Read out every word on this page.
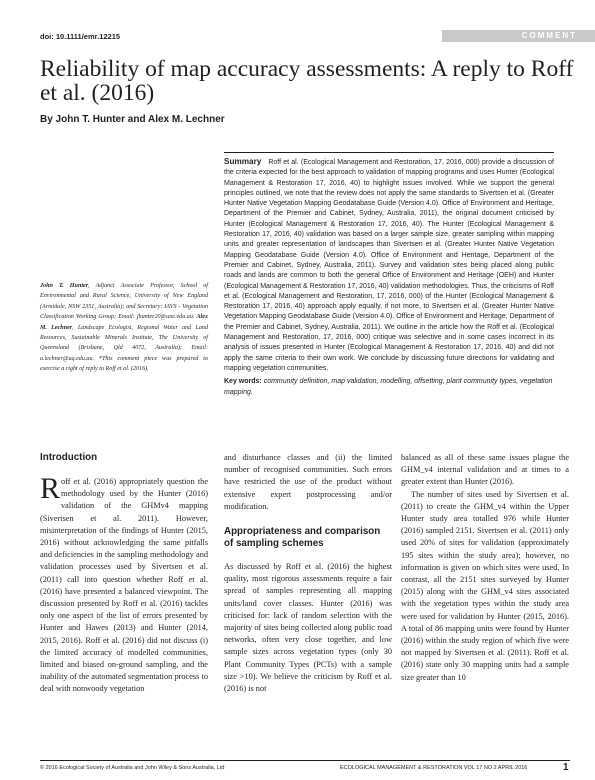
doi: 10.1111/emr.12215	COMMENT
Reliability of map accuracy assessments: A reply to Roff et al. (2016)
By John T. Hunter and Alex M. Lechner

Summary Roff et al. (Ecological Management and Restoration, 17, 2016, 000) provide a discussion of the criteria expected for the best approach to validation of mapping programs and uses Hunter (Ecological Management & Restoration 17, 2016, 40) to highlight issues involved. While we support the general principles outlined, we note that the review does not apply the same standards to Sivertsen et al. (Greater Hunter Native Vegetation Mapping Geodatabase Guide (Version 4.0). Office of Environment and Heritage, Department of the Premier and Cabinet, Sydney, Australia, 2011), the original document criticised by Hunter (Ecological Management & Restoration 17, 2016, 40). The Hunter (Ecological Management & Restoration 17, 2016, 40) validation was based on a larger sample size, greater sampling within mapping units and greater representation of landscapes than Sivertsen et al. (Greater Hunter Native Vegetation Mapping Geodatabase Guide (Version 4.0). Office of Environment and Heritage, Department of the Premier and Cabinet, Sydney, Australia, 2011). Survey and validation sites being placed along public roads and lands are common to both the general Office of Environment and Heritage (OEH) and Hunter (Ecological Management & Restoration 17, 2016, 40) validation methodologies. Thus, the criticisms of Roff et al. (Ecological Management and Restoration, 17, 2016, 000) of the Hunter (Ecological Management & Restoration 17, 2016, 40) approach apply equally, if not more, to Sivertsen et al. (Greater Hunter Native Vegetation Mapping Geodatabase Guide (Version 4.0). Office of Environment and Heritage, Department of the Premier and Cabinet, Sydney, Australia, 2011). We outline in the article how the Roff et al. (Ecological Management and Restoration, 17, 2016, 000) critique was selective and in some cases incorrect in its analysis of issues presented in Hunter (Ecological Management & Restoration 17, 2016, 40) and did not apply the same criteria to their own work. We conclude by discussing future directions for validating and mapping vegetation communities.

Key words: community definition, map validation, modelling, offsetting, plant community types, vegetation mapping.

John T. Hunter, Adjunct Associate Professor, School of Environmental and Rural Science, University of New England (Armidale, NSW 2351, Australia); and Secretary: IAVS - Vegetation Classification Working Group; Email: jhunter20@une.edu.au. Alex M. Lechner, Landscape Ecologist, Regional Water and Land Resources, Sustainable Minerals Institute, The University of Queensland (Brisbane, Qld 4072, Australia); Email: a.lechner@uq.edu.au. *This comment piece was prepared to exercise a right of reply to Roff et al. (2016).

Introduction

Roff et al. (2016) appropriately question the methodology used by the Hunter (2016) validation of the GHMv4 mapping (Sivertsen et al. 2011). However, misinterpretation of the findings of Hunter (2015, 2016) without acknowledging the same pitfalls and deficiencies in the sampling methodology and validation processes used by Sivertsen et al. (2011) call into question whether Roff et al. (2016) have presented a balanced viewpoint. The discussion presented by Roff et al. (2016) tackles only one aspect of the list of errors presented by Hunter and Hawes (2013) and Hunter (2014, 2015, 2016). Roff et al. (2016) did not discuss (i) the limited accuracy of modelled communities, limited and biased on-ground sampling, and the inability of the automated segmentation process to deal with nonwoody vegetation

and disturbance classes and (ii) the limited number of recognised communities. Such errors have restricted the use of the product without extensive expert postprocessing and/or modification.

Appropriateness and comparison of sampling schemes

As discussed by Roff et al. (2016) the highest quality, most rigorous assessments require a fair spread of samples representing all mapping units/land cover classes. Hunter (2016) was criticised for: lack of random selection with the majority of sites being collected along public road networks, often very close together, and low sample sizes across vegetation types (only 30 Plant Community Types (PCTs) with a sample size >10). We believe the criticism by Roff et al. (2016) is not

balanced as all of these same issues plague the GHM_v4 internal validation and at times to a greater extent than Hunter (2016).

The number of sites used by Sivertsen et al. (2011) to create the GHM_v4 within the Upper Hunter study area totalled 976 while Hunter (2016) sampled 2151. Sivertsen et al. (2011) only used 20% of sites for validation (approximately 195 sites within the study area); however, no information is given on which sites were used. In contrast, all the 2151 sites surveyed by Hunter (2015) along with the GHM_v4 sites associated with the vegetation types within the study area were used for validation by Hunter (2015, 2016). A total of 86 mapping units were found by Hunter (2016) within the study region of which five were not mapped by Sivertsen et al. (2011). Roff et al. (2016) state only 30 mapping units had a sample size greater than 10

© 2016 Ecological Society of Australia and John Wiley & Sons Australia, Ltd	ECOLOGICAL MANAGEMENT & RESTORATION VOL 17 NO 2 APRIL 2016	1
